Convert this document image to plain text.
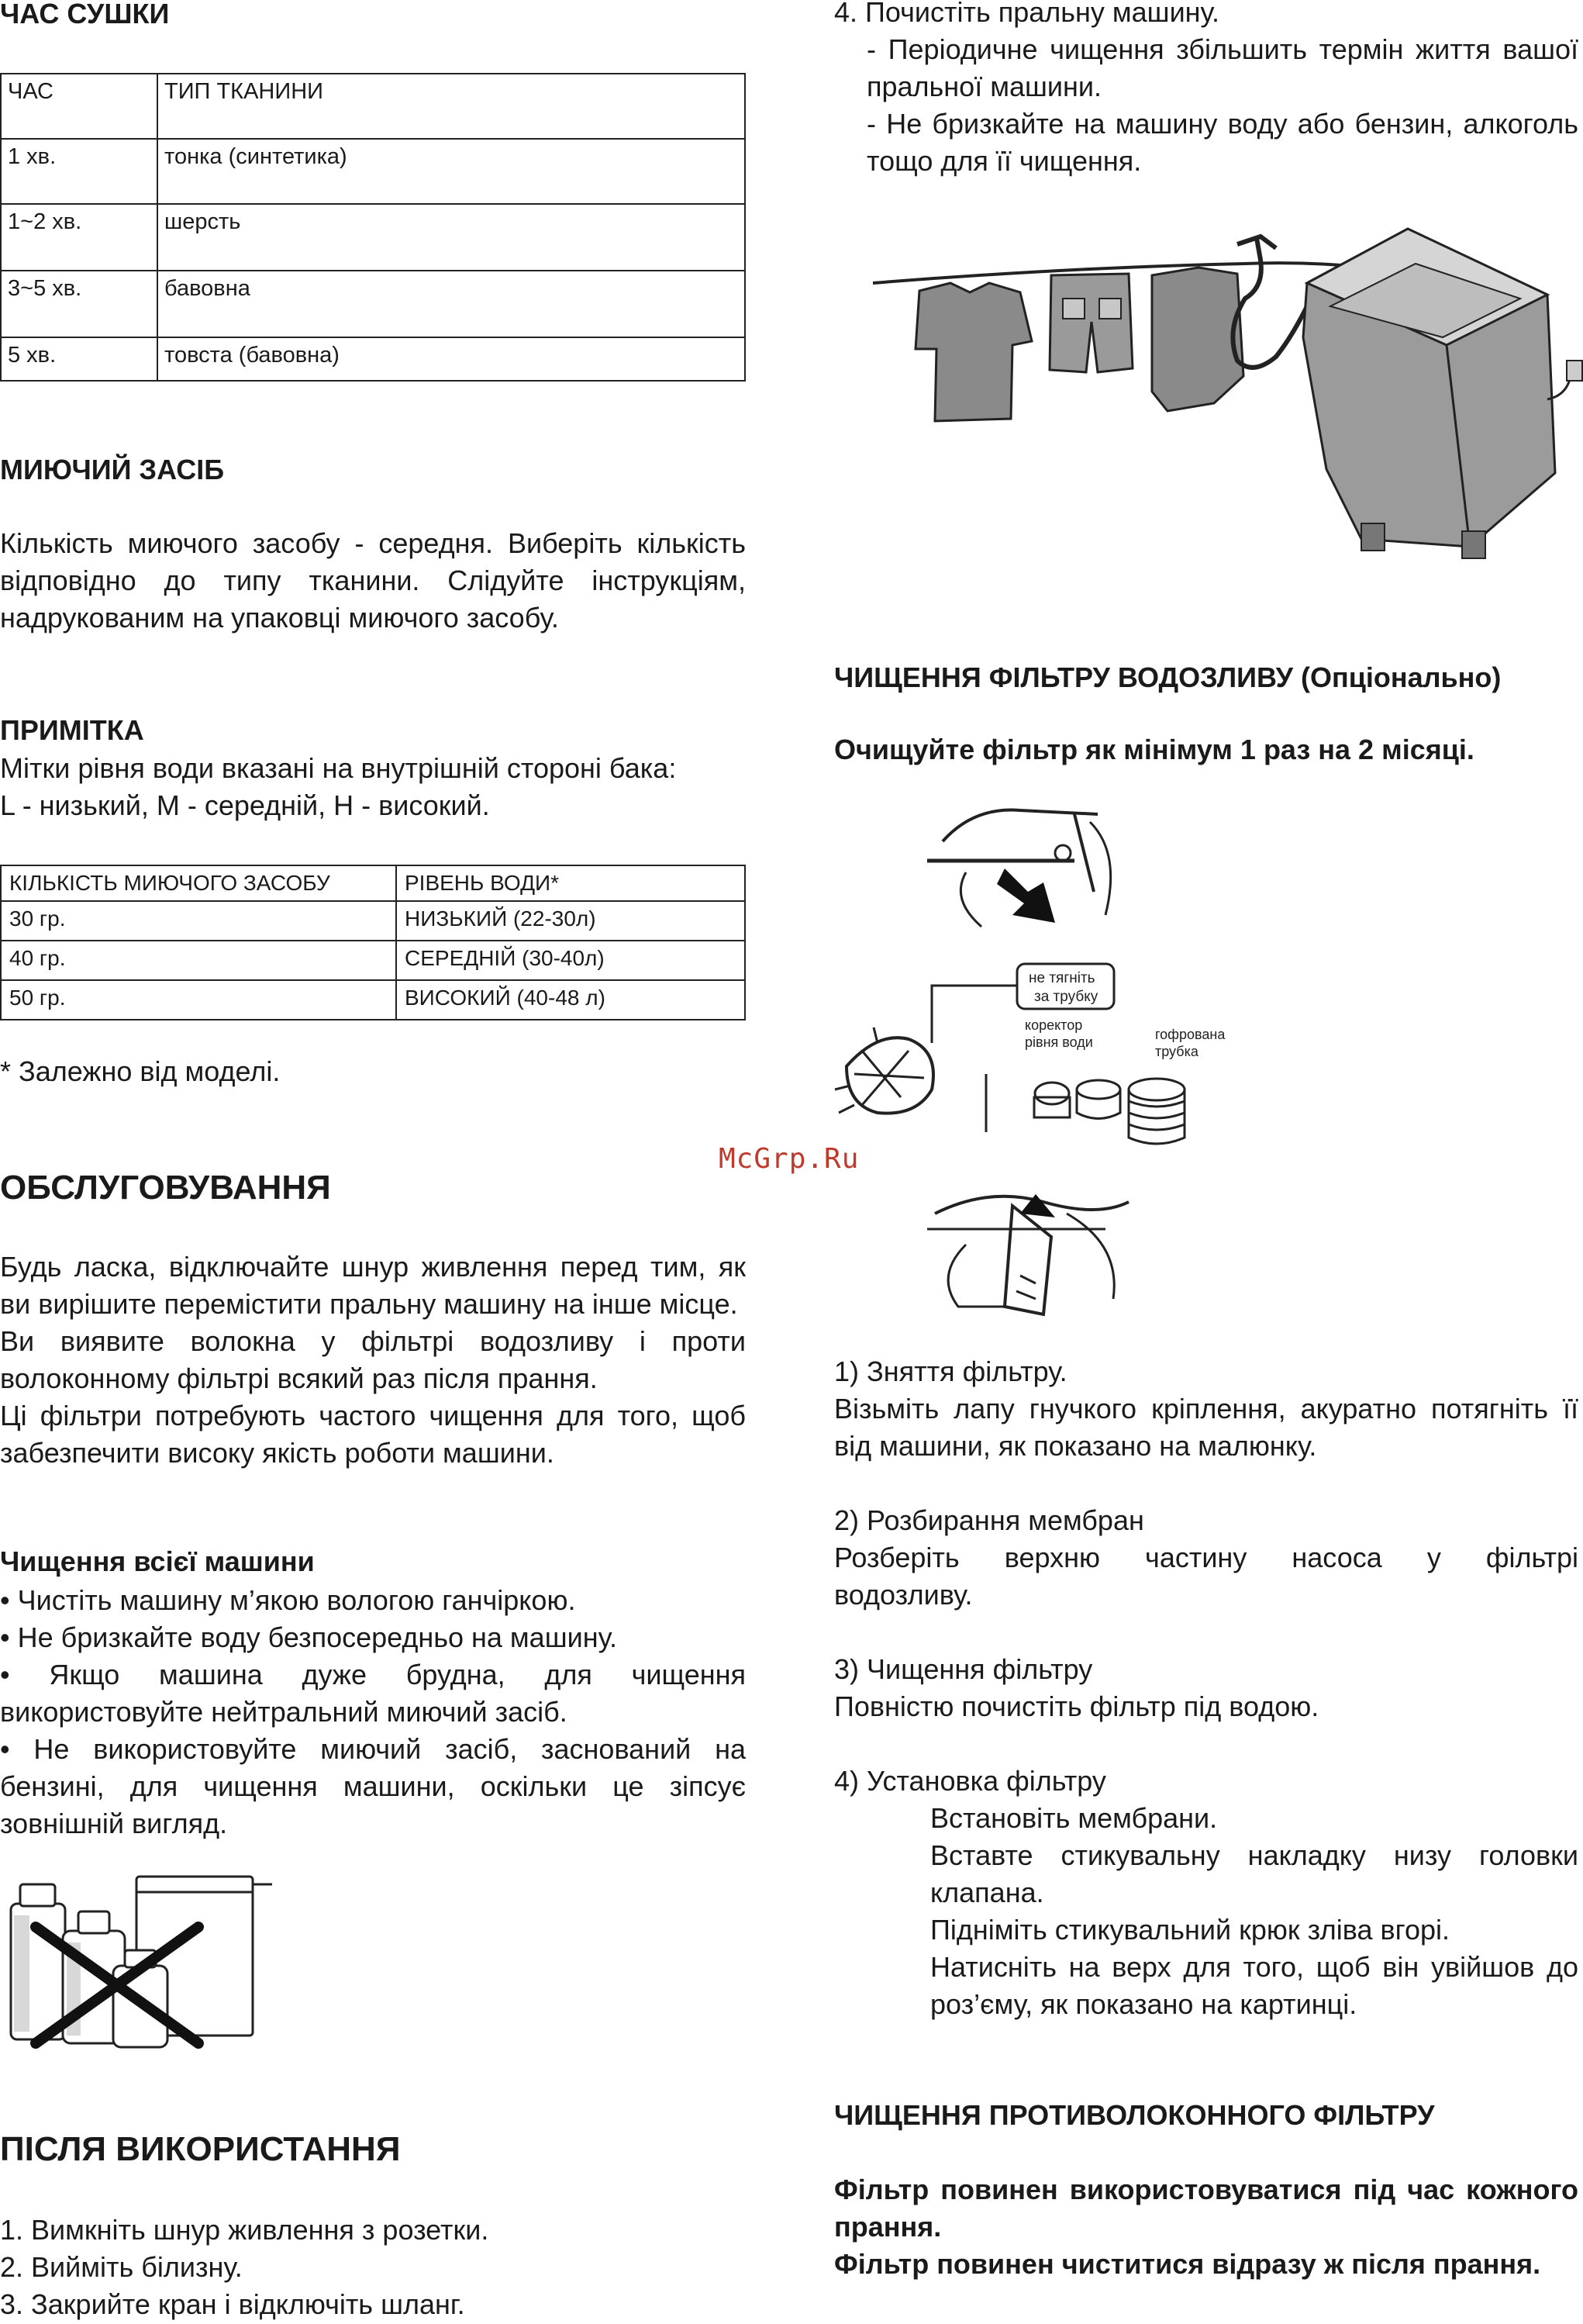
ЧАС СУШКИ
ЧАС	ТИП ТКАНИНИ
1 хв.	тонка (синтетика)
1~2 хв.	шерсть
3~5 хв.	бавовна
5 хв.	товста (бавовна)
МИЮЧИЙ ЗАСІБ

Кількість миючого засобу - середня. Виберіть кількість відповідно до типу тканини. Слідуйте інструкціям, надрукованим на упаковці миючого засобу.

ПРИМІТКА

Мітки рівня води вказані на внутрішній стороні бака:

L - низький, M - середній, H - високий.

КІЛЬКІСТЬ МИЮЧОГО ЗАСОБУ	РІВЕНЬ ВОДИ*
30 гр.	НИЗЬКИЙ (22-30л)
40 гр.	СЕРЕДНІЙ (30-40л)
50 гр.	ВИСОКИЙ (40-48 л)

* Залежно від моделі.

ОБСЛУГОВУВАННЯ

Будь ласка, відключайте шнур живлення перед тим, як ви вирішите перемістити пральну машину на інше місце.

Ви виявите волокна у фільтрі водозливу і проти волоконному фільтрі всякий раз після прання.

Ці фільтри потребують частого чищення для того, щоб забезпечити високу якість роботи машини.

Чищення всієї машини

• Чистіть машину м’якою вологою ганчіркою.

• Не бризкайте воду безпосередньо на машину.

• Якщо машина дуже брудна, для чищення використовуйте нейтральний миючий засіб.

• Не використовуйте миючий засіб, заснований на бензині, для чищення машини, оскільки це зіпсує зовнішній вигляд.

ПІСЛЯ ВИКОРИСТАННЯ

1. Вимкніть шнур живлення з розетки.

2. Вийміть білизну.

3. Закрийте кран і відключіть шланг.

4. Почистіть пральну машину.

- Періодичне чищення збільшить термін життя вашої пральної машини.

- Не бризкайте на машину воду або бензин, алкоголь тощо для її чищення.

ЧИЩЕННЯ ФІЛЬТРУ ВОДОЗЛИВУ (Опціонально)

Очищуйте фільтр як мінімум 1 раз на 2 місяці.

не тягніть
за трубку
коректор
рівня води	гофрована
трубка

1) Зняття фільтру.

Візьміть лапу гнучкого кріплення, акуратно потягніть її від машини, як показано на малюнку.

2) Розбирання мембран

Розберіть верхню частину насоса у фільтрі водозливу.

3) Чищення фільтру

Повністю почистіть фільтр під водою.

4) Установка фільтру

Встановіть мембрани.

Вставте стикувальну накладку низу головки клапана.

Підніміть стикувальний крюк зліва вгорі.

Натисніть на верх для того, щоб він увійшов до роз’єму, як показано на картинці.

ЧИЩЕННЯ ПРОТИВОЛОКОННОГО ФІЛЬТРУ

Фільтр повинен використовуватися під час кожного прання.

Фільтр повинен чиститися відразу ж після прання.

McGrp.Ru
